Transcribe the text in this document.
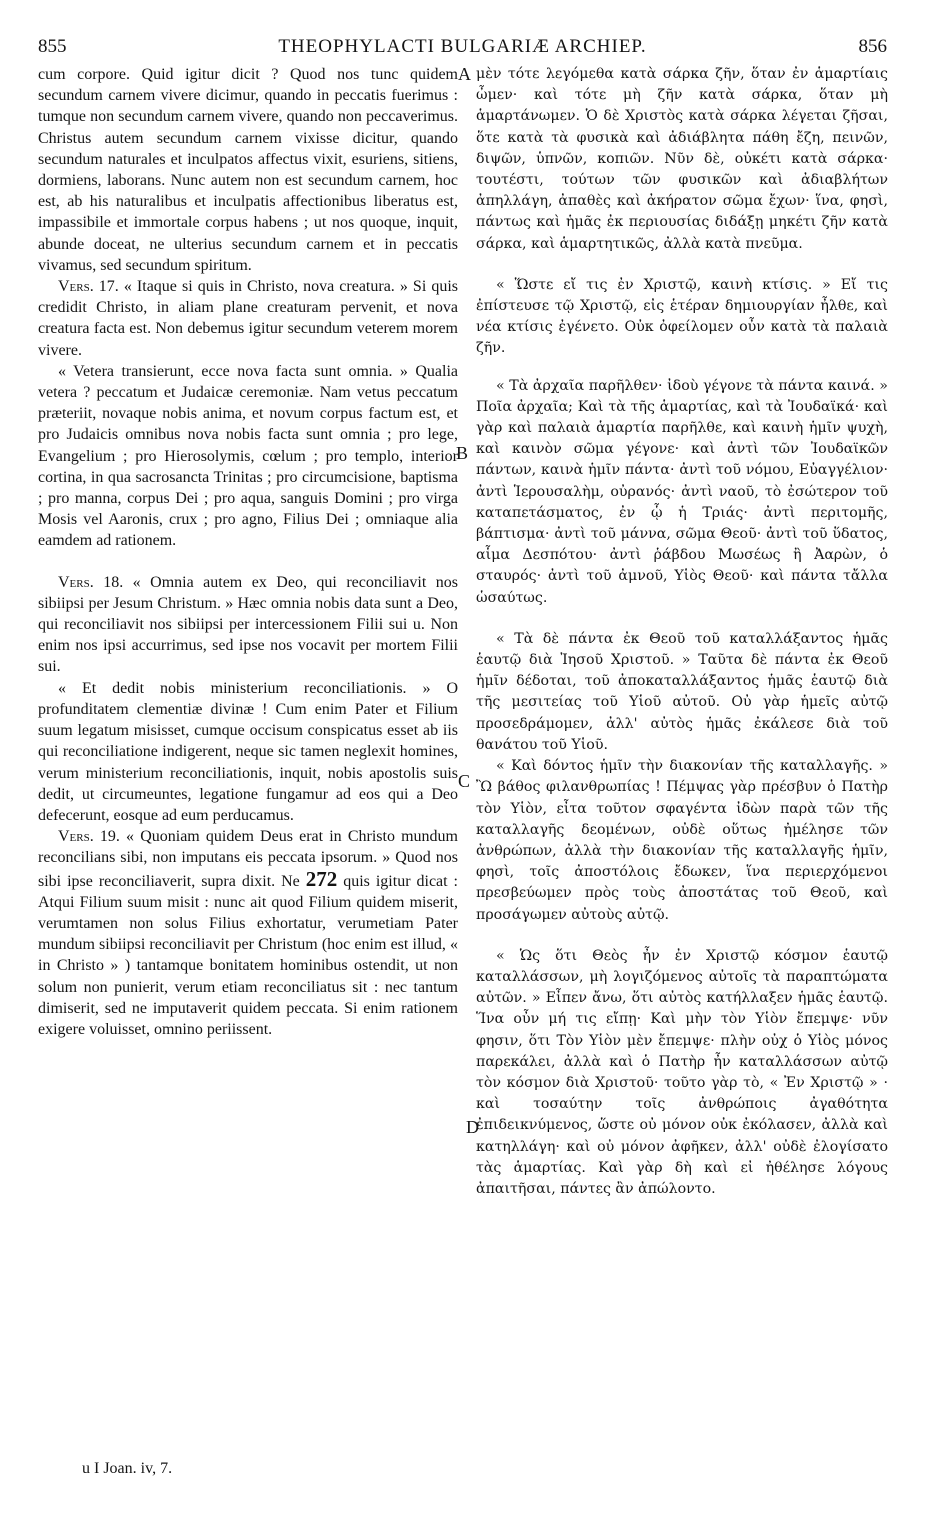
855	THEOPHYLACTI BULGARIÆ ARCHIEP.	856

cum corpore. Quid igitur dicit ? Quod nos tunc quidem secundum carnem vivere dicimur, quando in peccatis fuerimus : tumque non secundum carnem vivere, quando non peccaverimus. Christus autem secundum carnem vixisse dicitur, quando secundum naturales et inculpatos affectus vixit, esuriens, sitiens, dormiens, laborans. Nunc autem non est secundum carnem, hoc est, ab his naturalibus et inculpatis affectionibus liberatus est, impassibile et immortale corpus habens ; ut nos quoque, inquit, abunde doceat, ne ulterius secundum carnem et in peccatis vivamus, sed secundum spiritum.

Vers. 17. « Itaque si quis in Christo, nova creatura. » Si quis credidit Christo, in aliam plane creaturam pervenit, et nova creatura facta est. Non debemus igitur secundum veterem morem vivere.

« Vetera transierunt, ecce nova facta sunt omnia. » Qualia vetera ? peccatum et Judaicæ ceremoniæ. Nam vetus peccatum præteriit, novaque nobis anima, et novum corpus factum est, et pro Judaicis omnibus nova nobis facta sunt omnia ; pro lege, Evangelium ; pro Hierosolymis, cœlum ; pro templo, interior cortina, in qua sacrosancta Trinitas ; pro circumcisione, baptisma ; pro manna, corpus Dei ; pro aqua, sanguis Domini ; pro virga Mosis vel Aaronis, crux ; pro agno, Filius Dei ; omniaque alia eamdem ad rationem.

Vers. 18. « Omnia autem ex Deo, qui reconciliavit nos sibiipsi per Jesum Christum. » Hæc omnia nobis data sunt a Deo, qui reconciliavit nos sibiipsi per intercessionem Filii sui u. Non enim nos ipsi accurrimus, sed ipse nos vocavit per mortem Filii sui.

« Et dedit nobis ministerium reconciliationis. » O profunditatem clementiæ divinæ ! Cum enim Pater et Filium suum legatum misisset, cumque occisum conspicatus esset ab iis qui reconciliatione indigerent, neque sic tamen neglexit homines, verum ministerium reconciliationis, inquit, nobis apostolis suis dedit, ut circumeuntes, legatione fungamur ad eos qui a Deo defecerunt, eosque ad eum perducamus.

Vers. 19. « Quoniam quidem Deus erat in Christo mundum reconcilians sibi, non imputans eis peccata ipsorum. » Quod nos sibi ipse reconciliaverit, supra dixit. Ne 272 quis igitur dicat : Atqui Filium suum misit : nunc ait quod Filium quidem miserit, verumtamen non solus Filius exhortatur, verumetiam Pater mundum sibiipsi reconciliavit per Christum (hoc enim est illud, « in Christo » ) tantamque bonitatem hominibus ostendit, ut non solum non punierit, verum etiam reconciliatus sit : nec tantum dimiserit, sed ne imputaverit quidem peccata. Si enim rationem exigere voluisset, omnino periissent.

μὲν τότε λεγόμεθα κατὰ σάρκα ζῆν, ὅταν ἐν ἁμαρτίαις ὦμεν· καὶ τότε μὴ ζῆν κατὰ σάρκα, ὅταν μὴ ἁμαρτάνωμεν. Ὁ δὲ Χριστὸς κατὰ σάρκα λέγεται ζῆσαι, ὅτε κατὰ τὰ φυσικὰ καὶ ἀδιάβλητα πάθη ἔζη, πεινῶν, διψῶν, ὑπνῶν, κοπιῶν. Νῦν δὲ, οὐκέτι κατὰ σάρκα· τουτέστι, τούτων τῶν φυσικῶν καὶ ἀδιαβλήτων ἀπηλλάγη, ἀπαθὲς καὶ ἀκήρατον σῶμα ἔχων· ἵνα, φησὶ, πάντως καὶ ἡμᾶς ἐκ περιουσίας διδάξῃ μηκέτι ζῆν κατὰ σάρκα, καὶ ἁμαρτητικῶς, ἀλλὰ κατὰ πνεῦμα.

« Ὥστε εἴ τις ἐν Χριστῷ, καινὴ κτίσις. » Εἴ τις ἐπίστευσε τῷ Χριστῷ, εἰς ἑτέραν δημιουργίαν ἦλθε, καὶ νέα κτίσις ἐγένετο. Οὐκ ὀφείλομεν οὖν κατὰ τὰ παλαιὰ ζῆν.

« Τὰ ἀρχαῖα παρῆλθεν· ἰδοὺ γέγονε τὰ πάντα καινά. » Ποῖα ἀρχαῖα; Καὶ τὰ τῆς ἁμαρτίας, καὶ τὰ Ἰουδαϊκά· καὶ γὰρ καὶ παλαιὰ ἁμαρτία παρῆλθε, καὶ καινὴ ἡμῖν ψυχὴ, καὶ καινὸν σῶμα γέγονε· καὶ ἀντὶ τῶν Ἰουδαϊκῶν πάντων, καινὰ ἡμῖν πάντα· ἀντὶ τοῦ νόμου, Εὐαγγέλιον· ἀντὶ Ἱερουσαλὴμ, οὐρανός· ἀντὶ ναοῦ, τὸ ἐσώτερον τοῦ καταπετάσματος, ἐν ᾧ ἡ Τριάς· ἀντὶ περιτομῆς, βάπτισμα· ἀντὶ τοῦ μάννα, σῶμα Θεοῦ· ἀντὶ τοῦ ὕδατος, αἷμα Δεσπότου· ἀντὶ ῥάβδου Μωσέως ἢ Ἀαρὼν, ὁ σταυρός· ἀντὶ τοῦ ἀμνοῦ, Υἱὸς Θεοῦ· καὶ πάντα τἄλλα ὡσαύτως.

« Τὰ δὲ πάντα ἐκ Θεοῦ τοῦ καταλλάξαντος ἡμᾶς ἑαυτῷ διὰ Ἰησοῦ Χριστοῦ. » Ταῦτα δὲ πάντα ἐκ Θεοῦ ἡμῖν δέδοται, τοῦ ἀποκαταλλάξαντος ἡμᾶς ἑαυτῷ διὰ τῆς μεσιτείας τοῦ Υἱοῦ αὐτοῦ. Οὐ γὰρ ἡμεῖς αὐτῷ προσεδράμομεν, ἀλλ' αὐτὸς ἡμᾶς ἐκάλεσε διὰ τοῦ θανάτου τοῦ Υἱοῦ.

« Καὶ δόντος ἡμῖν τὴν διακονίαν τῆς καταλλαγῆς. » Ὢ βάθος φιλανθρωπίας ! Πέμψας γὰρ πρέσβυν ὁ Πατὴρ τὸν Υἱὸν, εἶτα τοῦτον σφαγέντα ἰδὼν παρὰ τῶν τῆς καταλλαγῆς δεομένων, οὐδὲ οὕτως ἠμέλησε τῶν ἀνθρώπων, ἀλλὰ τὴν διακονίαν τῆς καταλλαγῆς ἡμῖν, φησὶ, τοῖς ἀποστόλοις ἔδωκεν, ἵνα περιερχόμενοι πρεσβεύωμεν πρὸς τοὺς ἀποστάτας τοῦ Θεοῦ, καὶ προσάγωμεν αὐτοὺς αὐτῷ.

« Ὡς ὅτι Θεὸς ἦν ἐν Χριστῷ κόσμον ἑαυτῷ καταλλάσσων, μὴ λογιζόμενος αὐτοῖς τὰ παραπτώματα αὐτῶν. » Εἶπεν ἄνω, ὅτι αὐτὸς κατήλλαξεν ἡμᾶς ἑαυτῷ. Ἵνα οὖν μή τις εἴπῃ· Καὶ μὴν τὸν Υἱὸν ἔπεμψε· νῦν φησιν, ὅτι Τὸν Υἱὸν μὲν ἔπεμψε· πλὴν οὐχ ὁ Υἱὸς μόνος παρεκάλει, ἀλλὰ καὶ ὁ Πατὴρ ἦν καταλλάσσων αὐτῷ τὸν κόσμον διὰ Χριστοῦ· τοῦτο γὰρ τὸ, « Ἐν Χριστῷ » · καὶ τοσαύτην τοῖς ἀνθρώποις ἀγαθότητα ἐπιδεικνύμενος, ὥστε οὐ μόνον οὐκ ἐκόλασεν, ἀλλὰ καὶ κατηλλάγη· καὶ οὐ μόνον ἀφῆκεν, ἀλλ' οὐδὲ ἐλογίσατο τὰς ἁμαρτίας. Καὶ γὰρ δὴ καὶ εἰ ἠθέλησε λόγους ἀπαιτῆσαι, πάντες ἂν ἀπώλοντο.

A
B
C
D
u I Joan. iv, 7.
